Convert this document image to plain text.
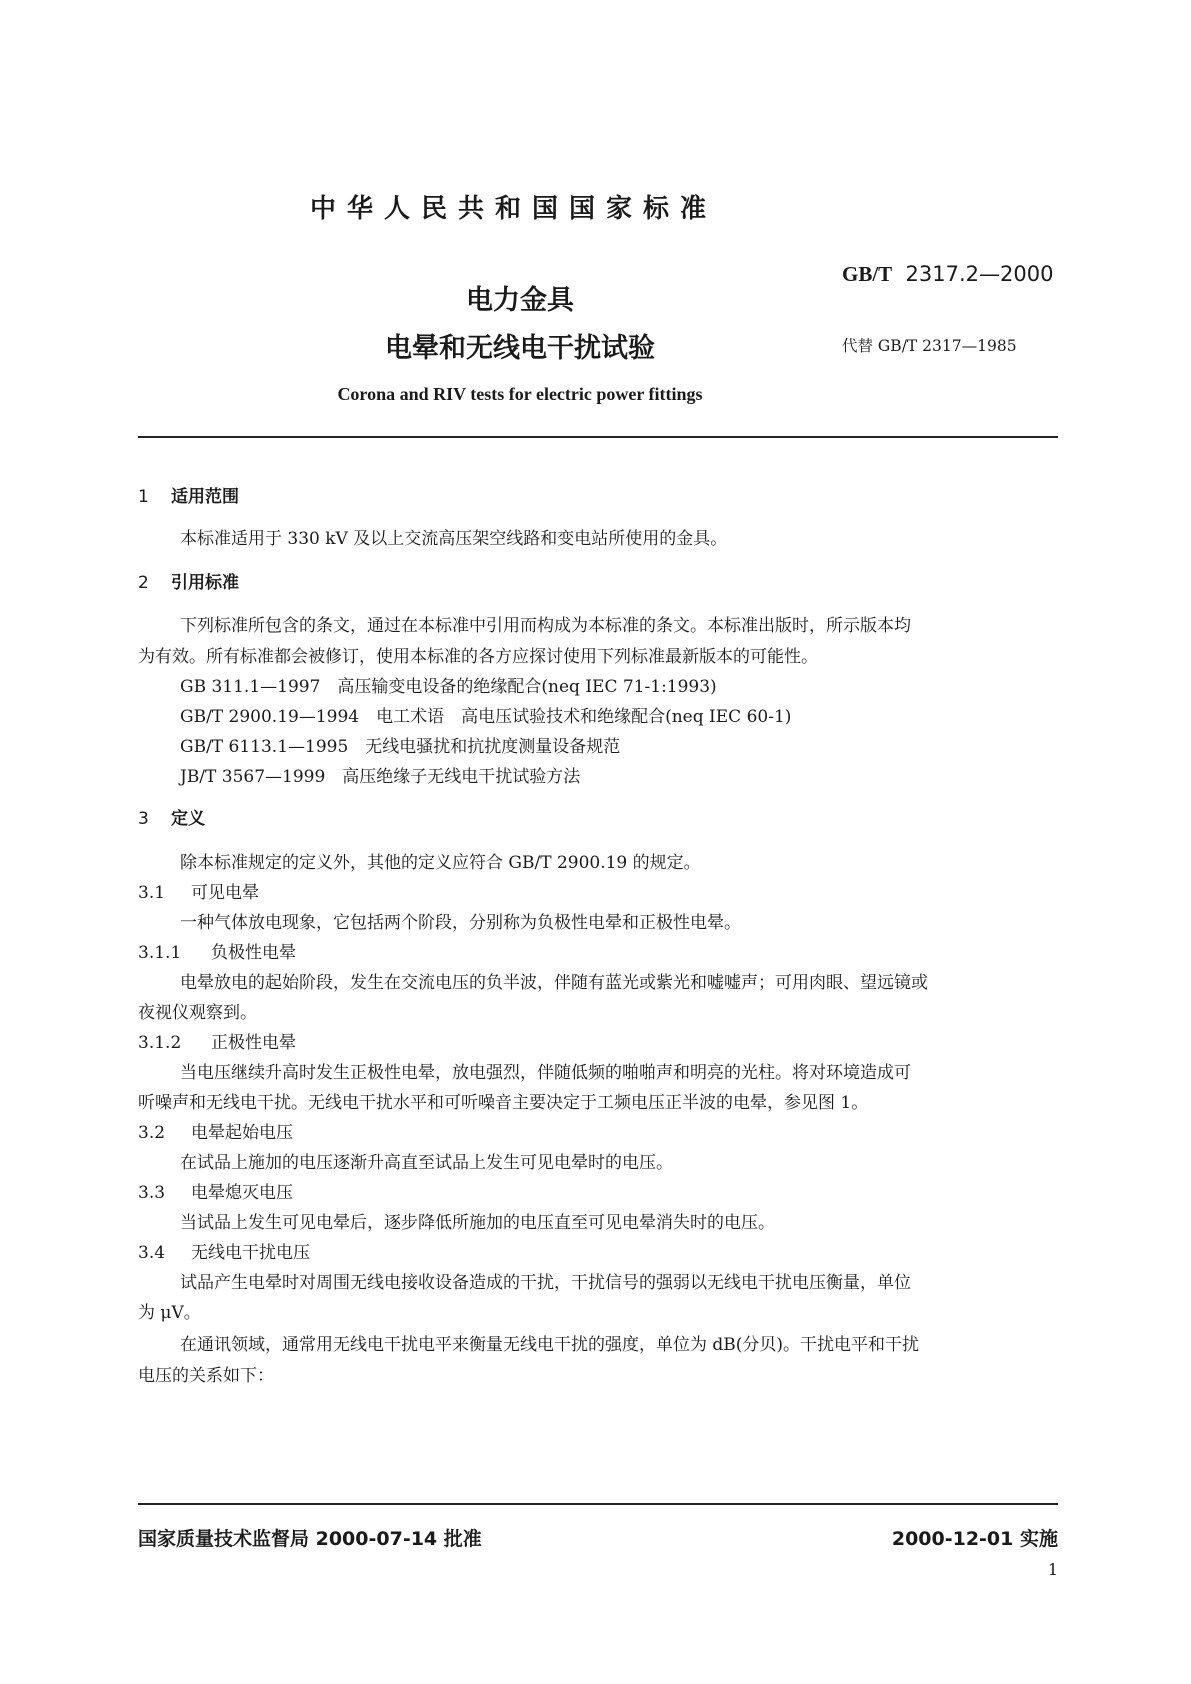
中华人民共和国国家标准
GB/T 2317.2—2000
代替 GB/T 2317—1985
电力金具
电晕和无线电干扰试验
Corona and RIV tests for electric power fittings
1 适用范围
本标准适用于 330 kV 及以上交流高压架空线路和变电站所使用的金具。
2 引用标准
下列标准所包含的条文，通过在本标准中引用而构成为本标准的条文。本标准出版时，所示版本均
为有效。所有标准都会被修订，使用本标准的各方应探讨使用下列标准最新版本的可能性。
GB 311.1—1997　高压输变电设备的绝缘配合(neq IEC 71-1:1993)
GB/T 2900.19—1994　电工术语　高电压试验技术和绝缘配合(neq IEC 60-1)
GB/T 6113.1—1995　无线电骚扰和抗扰度测量设备规范
JB/T 3567—1999　高压绝缘子无线电干扰试验方法
3 定义
除本标准规定的定义外，其他的定义应符合 GB/T 2900.19 的规定。
3.1 可见电晕
一种气体放电现象，它包括两个阶段，分别称为负极性电晕和正极性电晕。
3.1.1 负极性电晕
电晕放电的起始阶段，发生在交流电压的负半波，伴随有蓝光或紫光和嘘嘘声；可用肉眼、望远镜或
夜视仪观察到。
3.1.2 正极性电晕
当电压继续升高时发生正极性电晕，放电强烈，伴随低频的啪啪声和明亮的光柱。将对环境造成可
听噪声和无线电干扰。无线电干扰水平和可听噪音主要决定于工频电压正半波的电晕，参见图 1。
3.2 电晕起始电压
在试品上施加的电压逐渐升高直至试品上发生可见电晕时的电压。
3.3 电晕熄灭电压
当试品上发生可见电晕后，逐步降低所施加的电压直至可见电晕消失时的电压。
3.4 无线电干扰电压
试品产生电晕时对周围无线电接收设备造成的干扰，干扰信号的强弱以无线电干扰电压衡量，单位
为 μV。
在通讯领域，通常用无线电干扰电平来衡量无线电干扰的强度，单位为 dB(分贝)。干扰电平和干扰
电压的关系如下：
国家质量技术监督局 2000-07-14 批准	2000-12-01 实施
1
